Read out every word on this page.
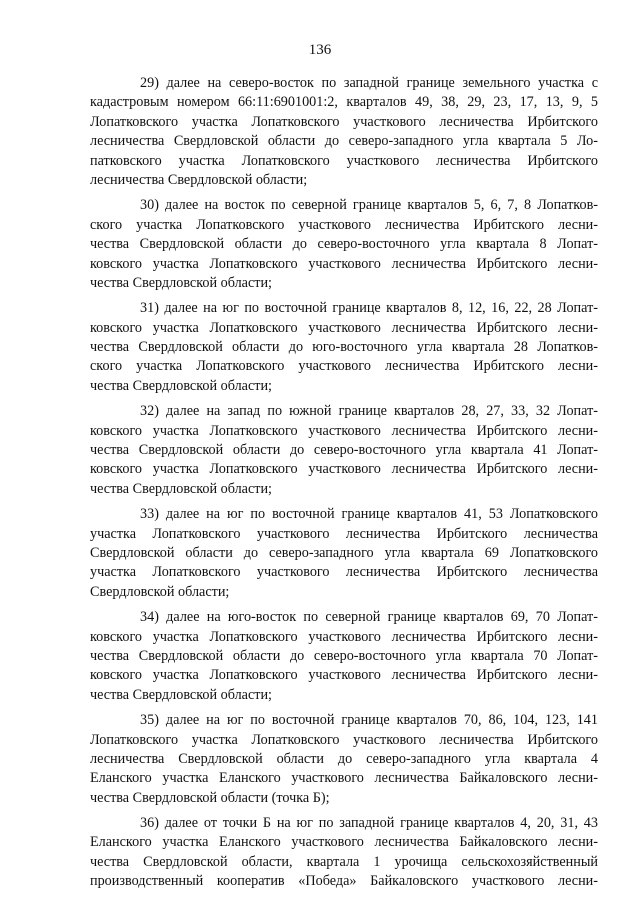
136
29) далее на северо-восток по западной границе земельного участка с
кадастровым номером 66:11:6901001:2, кварталов 49, 38, 29, 23, 17, 13, 9, 5
Лопатковского участка Лопатковского участкового лесничества Ирбитского
лесничества Свердловской области до северо-западного угла квартала 5 Ло-
патковского участка Лопатковского участкового лесничества Ирбитского
лесничества Свердловской области;
30) далее на восток по северной границе кварталов 5, 6, 7, 8 Лопатков-
ского участка Лопатковского участкового лесничества Ирбитского лесни-
чества Свердловской области до северо-восточного угла квартала 8 Лопат-
ковского участка Лопатковского участкового лесничества Ирбитского лесни-
чества Свердловской области;
31) далее на юг по восточной границе кварталов 8, 12, 16, 22, 28 Лопат-
ковского участка Лопатковского участкового лесничества Ирбитского лесни-
чества Свердловской области до юго-восточного угла квартала 28 Лопатков-
ского участка Лопатковского участкового лесничества Ирбитского лесни-
чества Свердловской области;
32) далее на запад по южной границе кварталов 28, 27, 33, 32 Лопат-
ковского участка Лопатковского участкового лесничества Ирбитского лесни-
чества Свердловской области до северо-восточного угла квартала 41 Лопат-
ковского участка Лопатковского участкового лесничества Ирбитского лесни-
чества Свердловской области;
33) далее на юг по восточной границе кварталов 41, 53 Лопатковского
участка Лопатковского участкового лесничества Ирбитского лесничества
Свердловской области до северо-западного угла квартала 69 Лопатковского
участка Лопатковского участкового лесничества Ирбитского лесничества
Свердловской области;
34) далее на юго-восток по северной границе кварталов 69, 70 Лопат-
ковского участка Лопатковского участкового лесничества Ирбитского лесни-
чества Свердловской области до северо-восточного угла квартала 70 Лопат-
ковского участка Лопатковского участкового лесничества Ирбитского лесни-
чества Свердловской области;
35) далее на юг по восточной границе кварталов 70, 86, 104, 123, 141
Лопатковского участка Лопатковского участкового лесничества Ирбитского
лесничества Свердловской области до северо-западного угла квартала 4
Еланского участка Еланского участкового лесничества Байкаловского лесни-
чества Свердловской области (точка Б);
36) далее от точки Б на юг по западной границе кварталов 4, 20, 31, 43
Еланского участка Еланского участкового лесничества Байкаловского лесни-
чества Свердловской области, квартала 1 урочища сельскохозяйственный
производственный кооператив «Победа» Байкаловского участкового лесни-
